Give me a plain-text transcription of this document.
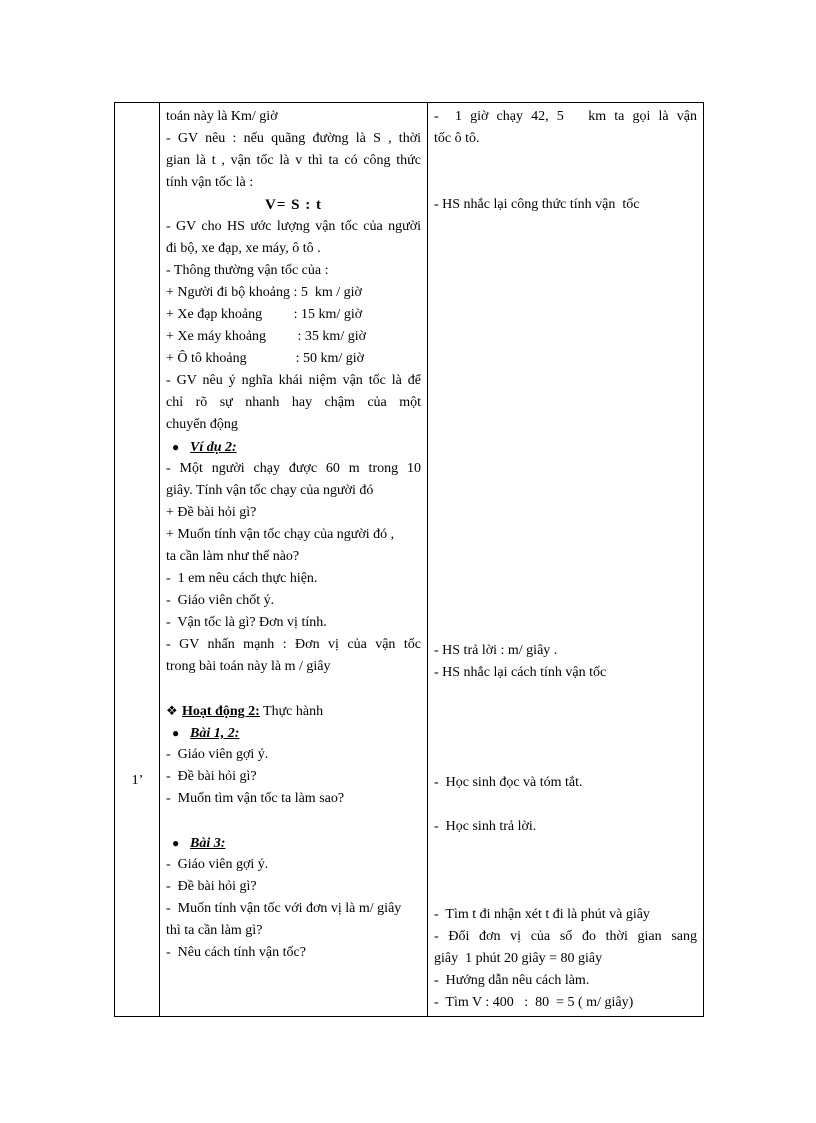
1’
toán này là Km/ giờ
- GV nêu : nếu quãng đường là S , thời
gian là t , vận tốc là v thì ta có công thức
tính vận tốc là :
V= S : t
- GV cho HS ước lượng vận tốc của người
đi bộ, xe đạp, xe máy, ô tô .
- Thông thường vận tốc của :
+ Người đi bộ khoảng : 5  km / giờ
+ Xe đạp khoảng         : 15 km/ giờ
+ Xe máy khoảng         : 35 km/ giờ
+ Ô tô khoảng              : 50 km/ giờ
- GV nêu ý nghĩa khái niệm vận tốc là để
chỉ rõ sự nhanh hay chậm của một
chuyển động
● Ví dụ 2:
- Một người chạy được 60 m trong 10
giây. Tính vận tốc chạy của người đó
+ Đề bài hỏi gì?
+ Muốn tính vận tốc chạy của người đó ,
ta cần làm như thế nào?
-  1 em nêu cách thực hiện.
-  Giáo viên chốt ý.
-  Vận tốc là gì? Đơn vị tính.
- GV nhấn mạnh : Đơn vị của vận tốc
trong bài toán này là m / giây
❖ Hoạt động 2: Thực hành
● Bài 1, 2:
-  Giáo viên gợi ý.
-  Đề bài hỏi gì?
-  Muốn tìm vận tốc ta làm sao?
● Bài 3:
-  Giáo viên gợi ý.
-  Đề bài hỏi gì?
-  Muốn tính vận tốc với đơn vị là m/ giây
thì ta cần làm gì?
-  Nêu cách tính vận tốc?
-  1 giờ chạy 42, 5   km ta gọi là vận
tốc ô tô.
- HS nhắc lại công thức tính vận  tốc
- HS trả lời : m/ giây .
- HS nhắc lại cách tính vận tốc
-  Học sinh đọc và tóm tắt.
-  Học sinh trả lời.
-  Tìm t đi nhận xét t đi là phút và giây
- Đổi đơn vị của số đo thời gian sang
giây  1 phút 20 giây = 80 giây
-  Hướng dẫn nêu cách làm.
-  Tìm V : 400   :  80  = 5 ( m/ giây)
